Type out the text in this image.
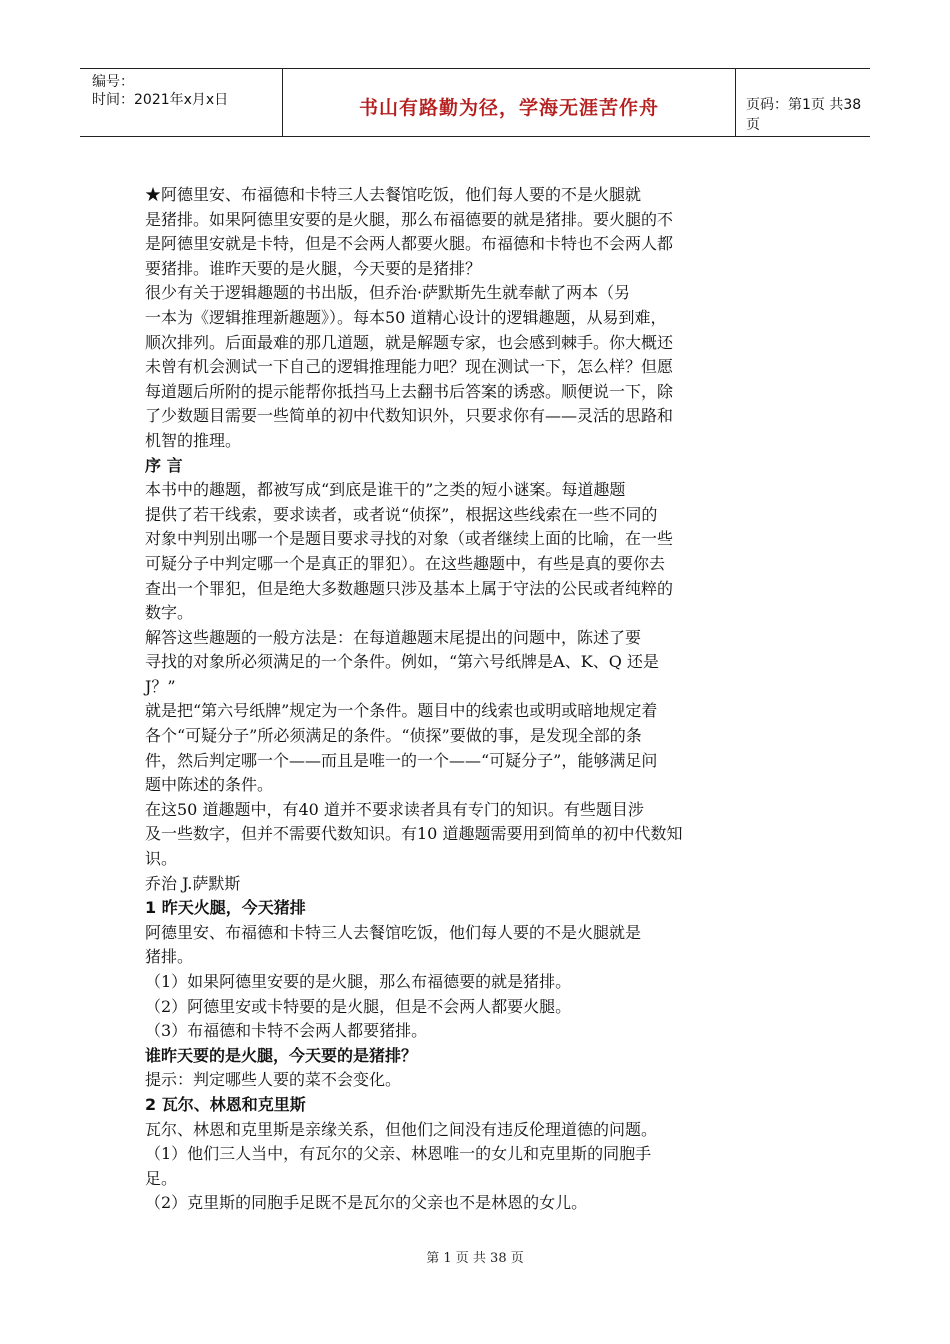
编号：
时间：2021年x月x日	书山有路勤为径，学海无涯苦作舟	页码：第1页 共38页
★阿德里安、布福德和卡特三人去餐馆吃饭，他们每人要的不是火腿就
是猪排。如果阿德里安要的是火腿，那么布福德要的就是猪排。要火腿的不
是阿德里安就是卡特，但是不会两人都要火腿。布福德和卡特也不会两人都
要猪排。谁昨天要的是火腿，今天要的是猪排？
很少有关于逻辑趣题的书出版，但乔治·萨默斯先生就奉献了两本（另
一本为《逻辑推理新趣题》）。每本50 道精心设计的逻辑趣题，从易到难，
顺次排列。后面最难的那几道题，就是解题专家，也会感到棘手。你大概还
未曾有机会测试一下自己的逻辑推理能力吧？现在测试一下，怎么样？但愿
每道题后所附的提示能帮你抵挡马上去翻书后答案的诱惑。顺便说一下，除
了少数题目需要一些简单的初中代数知识外，只要求你有——灵活的思路和
机智的推理。
序 言
本书中的趣题，都被写成“到底是谁干的”之类的短小谜案。每道趣题
提供了若干线索，要求读者，或者说“侦探”，根据这些线索在一些不同的
对象中判别出哪一个是题目要求寻找的对象（或者继续上面的比喻，在一些
可疑分子中判定哪一个是真正的罪犯）。在这些趣题中，有些是真的要你去
查出一个罪犯，但是绝大多数趣题只涉及基本上属于守法的公民或者纯粹的
数字。
解答这些趣题的一般方法是：在每道趣题末尾提出的问题中，陈述了要
寻找的对象所必须满足的一个条件。例如，“第六号纸牌是A、K、Q 还是
J？”
就是把“第六号纸牌”规定为一个条件。题目中的线索也或明或暗地规定着
各个“可疑分子”所必须满足的条件。“侦探”要做的事，是发现全部的条
件，然后判定哪一个——而且是唯一的一个——“可疑分子”，能够满足问
题中陈述的条件。
在这50 道趣题中，有40 道并不要求读者具有专门的知识。有些题目涉
及一些数字，但并不需要代数知识。有10 道趣题需要用到简单的初中代数知
识。
乔治 J.萨默斯
1 昨天火腿，今天猪排
阿德里安、布福德和卡特三人去餐馆吃饭，他们每人要的不是火腿就是
猪排。
（1）如果阿德里安要的是火腿，那么布福德要的就是猪排。
（2）阿德里安或卡特要的是火腿，但是不会两人都要火腿。
（3）布福德和卡特不会两人都要猪排。
谁昨天要的是火腿，今天要的是猪排？
提示：判定哪些人要的菜不会变化。
2 瓦尔、林恩和克里斯
瓦尔、林恩和克里斯是亲缘关系，但他们之间没有违反伦理道德的问题。
（1）他们三人当中，有瓦尔的父亲、林恩唯一的女儿和克里斯的同胞手
足。
（2）克里斯的同胞手足既不是瓦尔的父亲也不是林恩的女儿。
第 1 页 共 38 页
